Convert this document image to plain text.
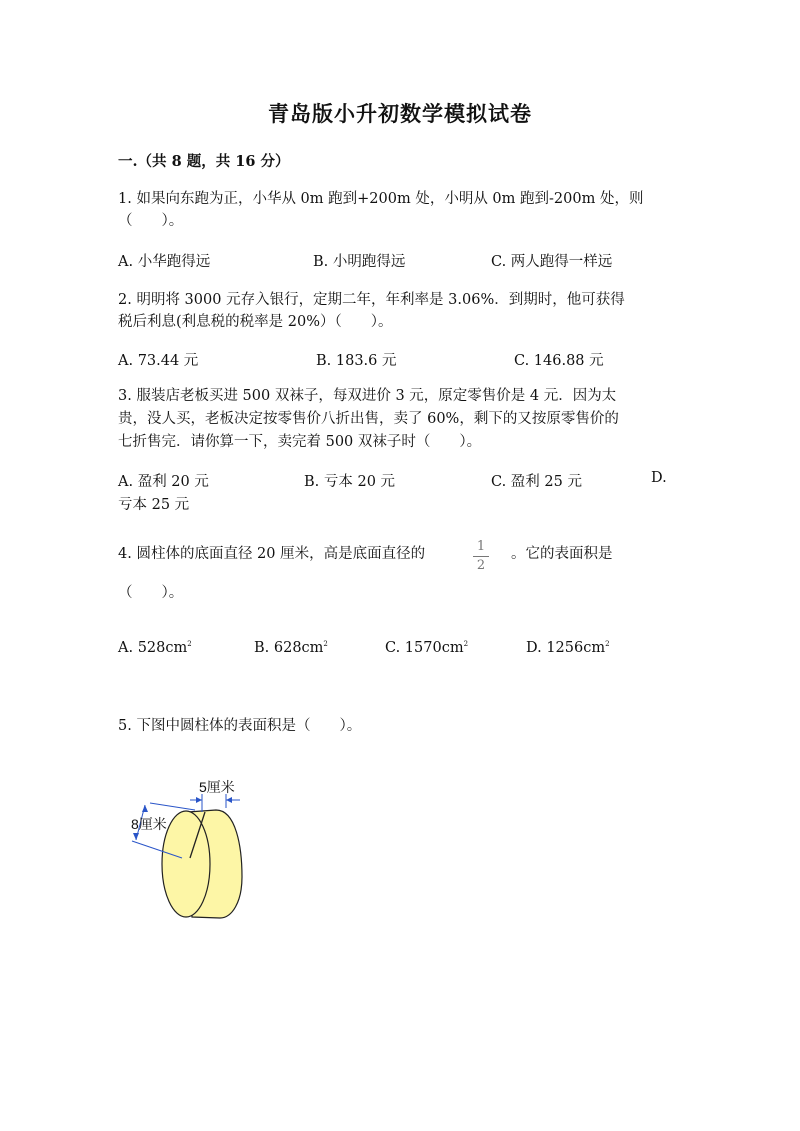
青岛版小升初数学模拟试卷
一.（共 8 题，共 16 分）
1. 如果向东跑为正，小华从 0m 跑到+200m 处，小明从 0m 跑到-200m 处，则
（　　）。
A. 小华跑得远	B. 小明跑得远	C. 两人跑得一样远
2. 明明将 3000 元存入银行，定期二年，年利率是 3.06%．到期时，他可获得
税后利息(利息税的税率是 20%）（　　）。
A. 73.44 元	B. 183.6 元	C. 146.88 元
3. 服装店老板买进 500 双袜子，每双进价 3 元，原定零售价是 4 元．因为太
贵，没人买，老板决定按零售价八折出售，卖了 60%，剩下的又按原零售价的
七折售完．请你算一下，卖完着 500 双袜子时（　　）。
A. 盈利 20 元	B. 亏本 20 元	C. 盈利 25 元	D.
亏本 25 元
4. 圆柱体的底面直径 20 厘米，高是底面直径的	1
2
。它的表面积是
（　　）。
A. $528cm^2$	B. $628cm^2$	C. $1570cm^2$	D. $1256cm^2$
5. 下图中圆柱体的表面积是（　　）。
5厘米
8厘米
